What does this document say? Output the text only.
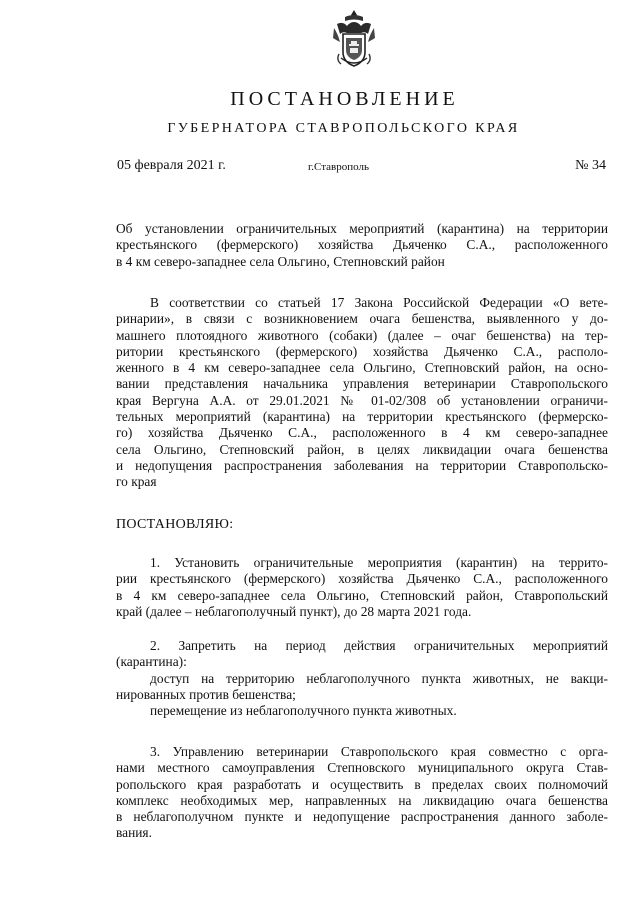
ПОСТАНОВЛЕНИЕ
ГУБЕРНАТОРА СТАВРОПОЛЬСКОГО КРАЯ
05 февраля 2021 г.	г.Ставрополь	№ 34
Об установлении ограничительных мероприятий (карантина) на территории
крестьянского (фермерского) хозяйства Дьяченко С.А., расположенного
в 4 км северо-западнее села Ольгино, Степновский район
В соответствии со статьей 17 Закона Российской Федерации «О вете-
ринарии», в связи с возникновением очага бешенства, выявленного у до-
машнего плотоядного животного (собаки) (далее – очаг бешенства) на тер-
ритории крестьянского (фермерского) хозяйства Дьяченко С.А., располо-
женного в 4 км северо-западнее села Ольгино, Степновский район, на осно-
вании представления начальника управления ветеринарии Ставропольского
края Вергуна А.А. от 29.01.2021 № 01-02/308 об установлении ограничи-
тельных мероприятий (карантина) на территории крестьянского (фермерско-
го) хозяйства Дьяченко С.А., расположенного в 4 км северо-западнее
села Ольгино, Степновский район, в целях ликвидации очага бешенства
и недопущения распространения заболевания на территории Ставропольско-
го края
ПОСТАНОВЛЯЮ:
1. Установить ограничительные мероприятия (карантин) на террито-
рии крестьянского (фермерского) хозяйства Дьяченко С.А., расположенного
в 4 км северо-западнее села Ольгино, Степновский район, Ставропольский
край (далее – неблагополучный пункт), до 28 марта 2021 года.
2. Запретить на период действия ограничительных мероприятий
(карантина):
доступ на территорию неблагополучного пункта животных, не вакци-
нированных против бешенства;
перемещение из неблагополучного пункта животных.
3. Управлению ветеринарии Ставропольского края совместно с орга-
нами местного самоуправления Степновского муниципального округа Став-
ропольского края разработать и осуществить в пределах своих полномочий
комплекс необходимых мер, направленных на ликвидацию очага бешенства
в неблагополучном пункте и недопущение распространения данного заболе-
вания.
